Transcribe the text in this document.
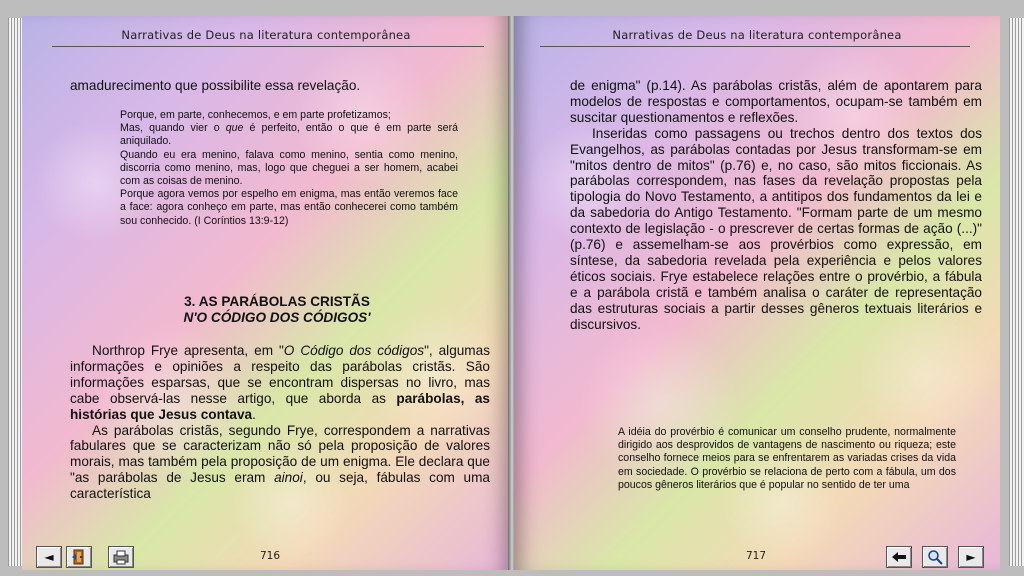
Narrativas de Deus na literatura contemporânea

amadurecimento que possibilite essa revelação.

Porque, em parte, conhecemos, e em parte profetizamos;

Mas, quando vier o que é perfeito, então o que é em parte será aniquilado.

Quando eu era menino, falava como menino, sentia como menino, discorria como menino, mas, logo que cheguei a ser homem, acabei com as coisas de menino.

Porque agora vemos por espelho em enigma, mas então veremos face a face: agora conheço em parte, mas então conhecerei como também sou conhecido. (I Coríntios 13:9-12)

3. AS PARÁBOLAS CRISTÃS
N'O CÓDIGO DOS CÓDIGOS'

Northrop Frye apresenta, em "O Código dos códigos", algumas informações e opiniões a respeito das parábolas cristãs. São informações esparsas, que se encontram dispersas no livro, mas cabe observá-las nesse artigo, que aborda as parábolas, as histórias que Jesus contava.

As parábolas cristãs, segundo Frye, correspondem a narrativas fabulares que se caracterizam não só pela proposição de valores morais, mas também pela proposição de um enigma. Ele declara que "as parábolas de Jesus eram ainoi, ou seja, fábulas com uma característica

716
◄
Narrativas de Deus na literatura contemporânea

de enigma" (p.14). As parábolas cristãs, além de apontarem para modelos de respostas e comportamentos, ocupam-se também em suscitar questionamentos e reflexões.

Inseridas como passagens ou trechos dentro dos textos dos Evangelhos, as parábolas contadas por Jesus transformam-se em "mitos dentro de mitos" (p.76) e, no caso, são mitos ficcionais. As parábolas correspondem, nas fases da revelação propostas pela tipologia do Novo Testamento, a antitipos dos fundamentos da lei e da sabedoria do Antigo Testamento. "Formam parte de um mesmo contexto de legislação - o prescrever de certas formas de ação (...)" (p.76) e assemelham-se aos provérbios como expressão, em síntese, da sabedoria revelada pela experiência e pelos valores éticos sociais. Frye estabelece relações entre o provérbio, a fábula e a parábola cristã e também analisa o caráter de representação das estruturas sociais a partir desses gêneros textuais literários e discursivos.

A idéia do provérbio é comunicar um conselho prudente, normalmente dirigido aos desprovidos de vantagens de nascimento ou riqueza; este conselho fornece meios para se enfrentarem as variadas crises da vida em sociedade. O provérbio se relaciona de perto com a fábula, um dos poucos gêneros literários que é popular no sentido de ter uma

717	►
